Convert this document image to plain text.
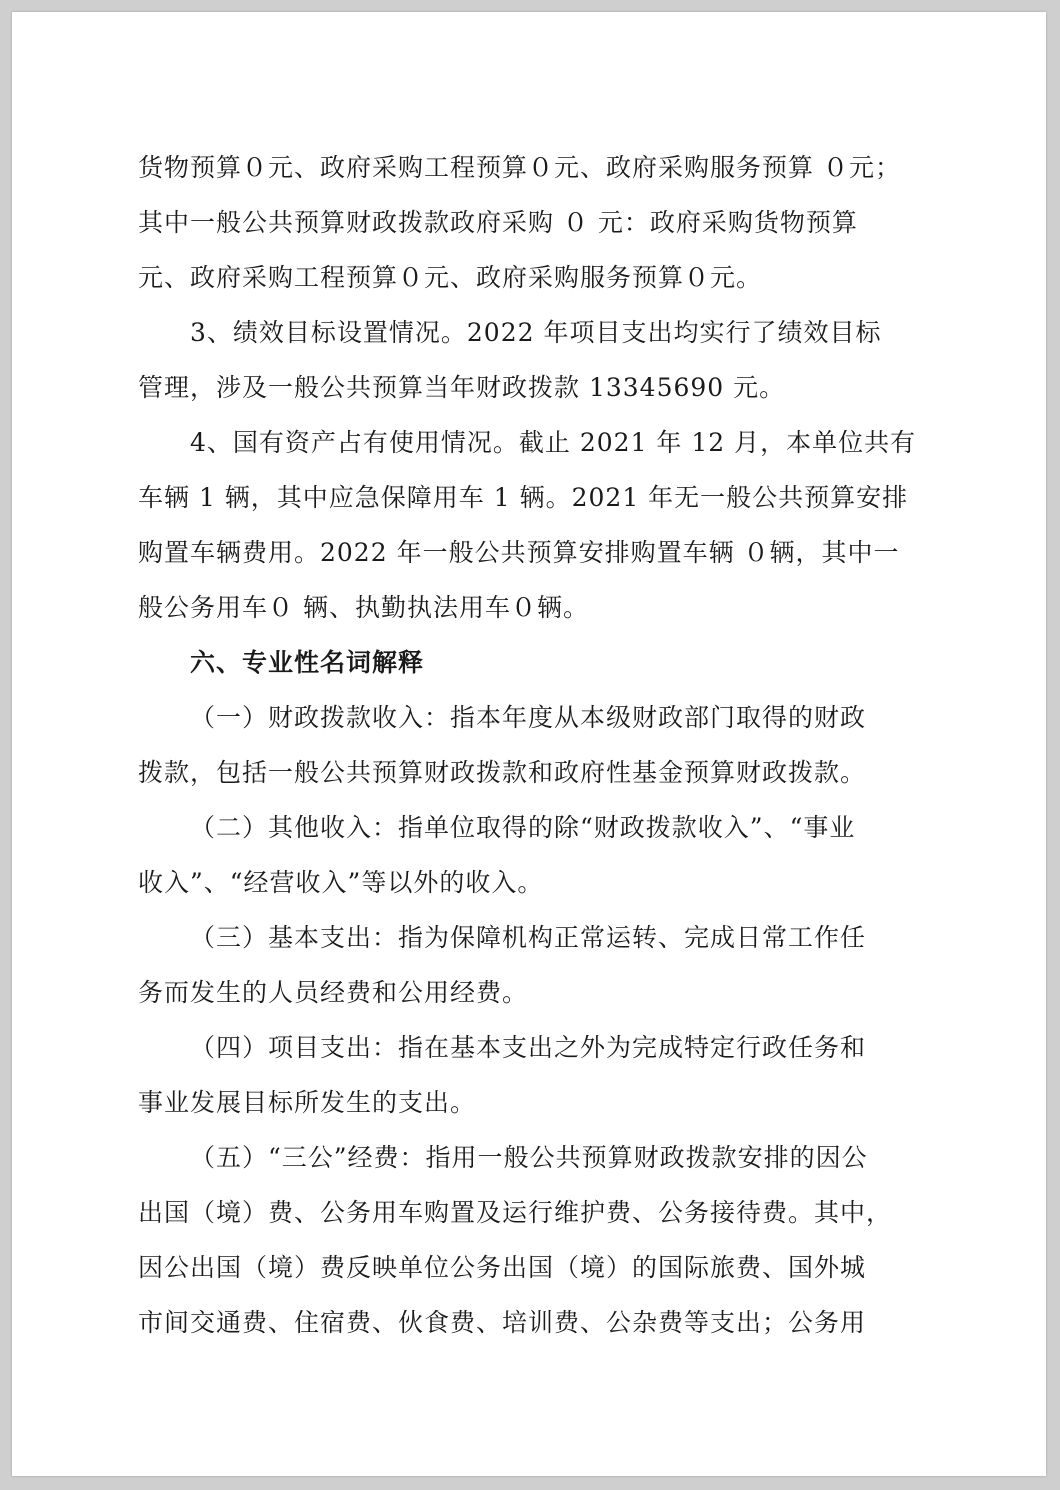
货物预算０元、政府采购工程预算０元、政府采购服务预算 ０元；
其中一般公共预算财政拨款政府采购 ０ 元：政府采购货物预算
元、政府采购工程预算０元、政府采购服务预算０元。
3、绩效目标设置情况。2022 年项目支出均实行了绩效目标
管理，涉及一般公共预算当年财政拨款 13345690 元。
4、国有资产占有使用情况。截止 2021 年 12 月，本单位共有
车辆 1 辆，其中应急保障用车 1 辆。2021 年无一般公共预算安排
购置车辆费用。2022 年一般公共预算安排购置车辆 ０辆，其中一
般公务用车０ 辆、执勤执法用车０辆。
六、专业性名词解释
（一）财政拨款收入：指本年度从本级财政部门取得的财政
拨款，包括一般公共预算财政拨款和政府性基金预算财政拨款。
（二）其他收入：指单位取得的除“财政拨款收入”、“事业
收入”、“经营收入”等以外的收入。
（三）基本支出：指为保障机构正常运转、完成日常工作任
务而发生的人员经费和公用经费。
（四）项目支出：指在基本支出之外为完成特定行政任务和
事业发展目标所发生的支出。
（五）“三公”经费：指用一般公共预算财政拨款安排的因公
出国（境）费、公务用车购置及运行维护费、公务接待费。其中，
因公出国（境）费反映单位公务出国（境）的国际旅费、国外城
市间交通费、住宿费、伙食费、培训费、公杂费等支出；公务用
